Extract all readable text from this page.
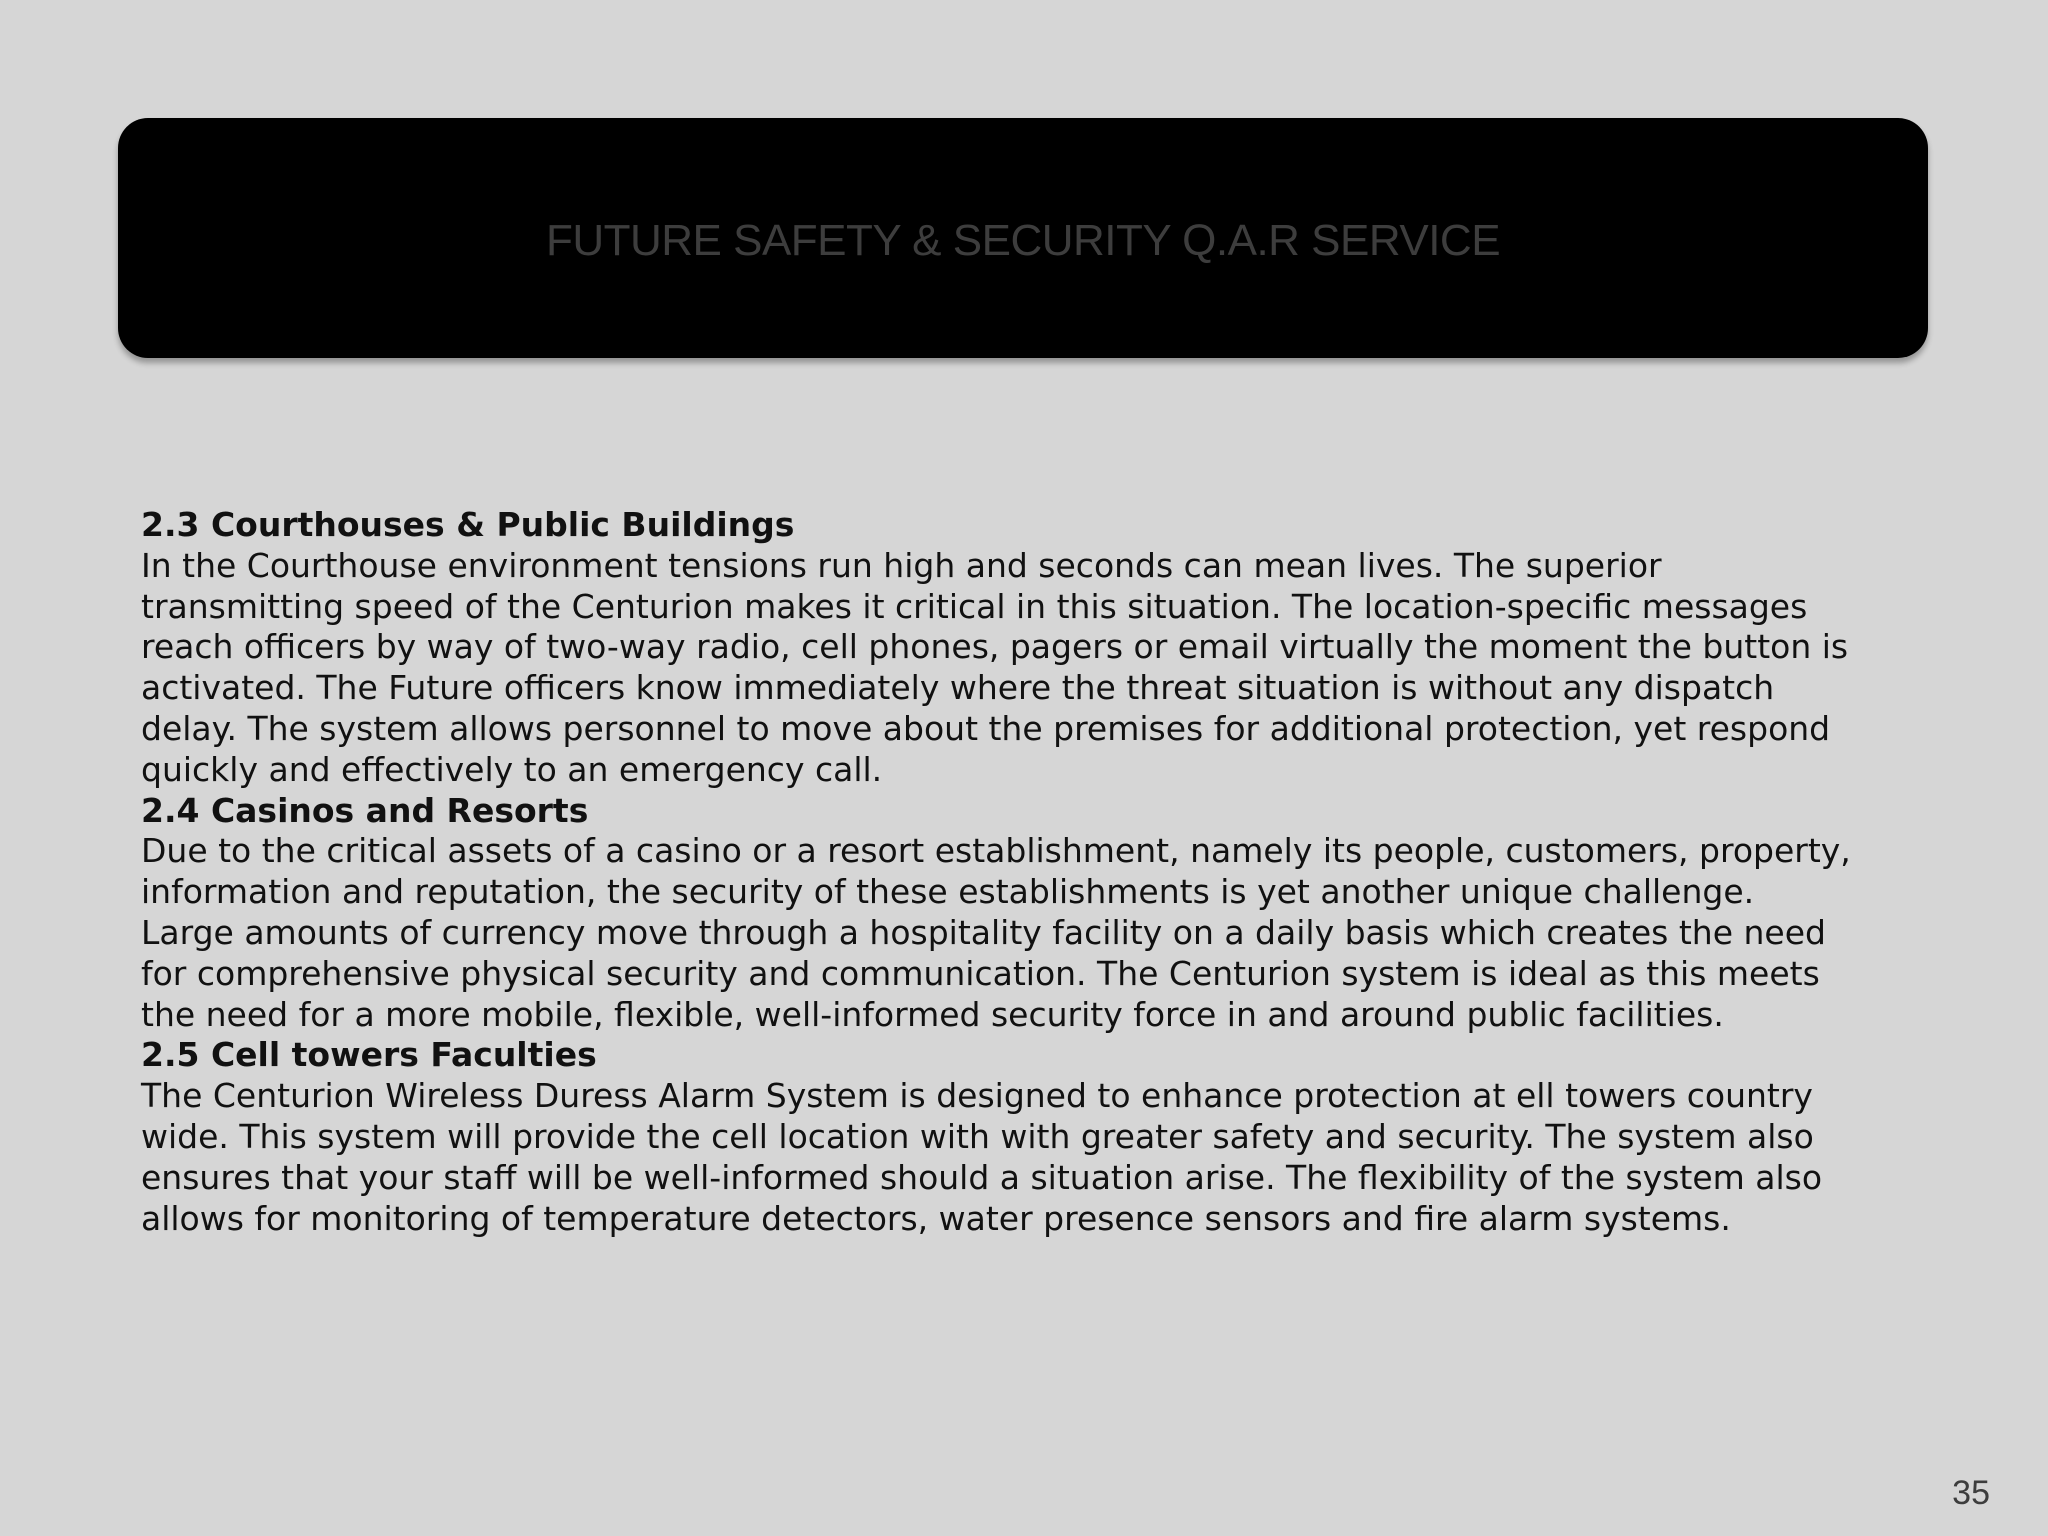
FUTURE SAFETY & SECURITY Q.A.R SERVICE
2.3 Courthouses & Public Buildings
In the Courthouse environment tensions run high and seconds can mean lives. The superior
transmitting speed of the Centurion makes it critical in this situation. The location-specific messages
reach officers by way of two-way radio, cell phones, pagers or email virtually the moment the button is
activated. The Future officers know immediately where the threat situation is without any dispatch
delay. The system allows personnel to move about the premises for additional protection, yet respond
quickly and effectively to an emergency call.
2.4 Casinos and Resorts
Due to the critical assets of a casino or a resort establishment, namely its people, customers, property,
information and reputation, the security of these establishments is yet another unique challenge.
Large amounts of currency move through a hospitality facility on a daily basis which creates the need
for comprehensive physical security and communication. The Centurion system is ideal as this meets
the need for a more mobile, flexible, well-informed security force in and around public facilities.
2.5 Cell towers Faculties
The Centurion Wireless Duress Alarm System is designed to enhance protection at ell towers country
wide. This system will provide the cell location with with greater safety and security. The system also
ensures that your staff will be well-informed should a situation arise. The flexibility of the system also
allows for monitoring of temperature detectors, water presence sensors and fire alarm systems.
35
